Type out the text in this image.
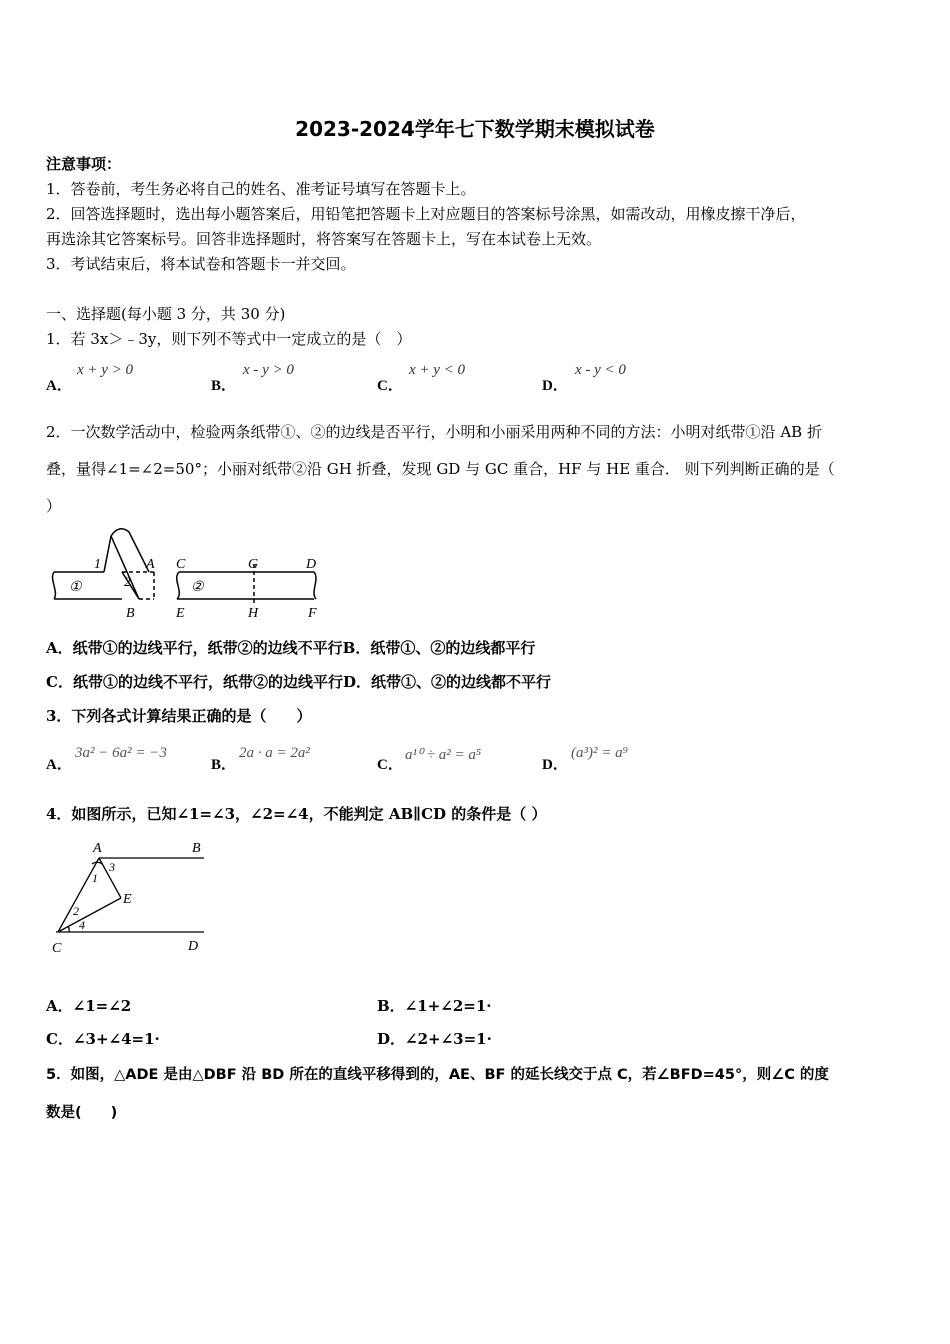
2023-2024学年七下数学期末模拟试卷
注意事项：
1．答卷前，考生务必将自己的姓名、准考证号填写在答题卡上。
2．回答选择题时，选出每小题答案后，用铅笔把答题卡上对应题目的答案标号涂黑，如需改动，用橡皮擦干净后，
再选涂其它答案标号。回答非选择题时，将答案写在答题卡上，写在本试卷上无效。
3．考试结束后，将本试卷和答题卡一并交回。
一、选择题(每小题 3 分，共 30 分)
1．若 3x＞﹣3y，则下列不等式中一定成立的是（　）
A．
x + y > 0
B．
x - y > 0
C．
x + y < 0
D．
x - y < 0
2．一次数学活动中，检验两条纸带①、②的边线是否平行，小明和小丽采用两种不同的方法：小明对纸带①沿 AB 折
叠，量得∠1=∠2=50°；小丽对纸带②沿 GH 折叠，发现 GD 与 GC 重合，HF 与 HE 重合． 则下列判断正确的是（
）
1
2
A
B
①
C	G	D
E	H	F
②
A．纸带①的边线平行，纸带②的边线不平行B．纸带①、②的边线都平行
C．纸带①的边线不平行，纸带②的边线平行D．纸带①、②的边线都不平行
3．下列各式计算结果正确的是（　　）
A．
3a² − 6a² = −3
B．
2a · a = 2a²
C．
a¹⁰ ÷ a² = a⁵
D．
(a³)² = a⁹
4．如图所示，已知∠1=∠3，∠2=∠4，不能判定 AB∥CD 的条件是（ ）
A	B
C	D
E
1
2
3
4
A．∠1=∠2	B．∠1+∠2=1·
C．∠3+∠4=1·	D．∠2+∠3=1·
5．如图，△ADE 是由△DBF 沿 BD 所在的直线平移得到的，AE、BF 的延长线交于点 C，若∠BFD=45°，则∠C 的度
数是(　　)
